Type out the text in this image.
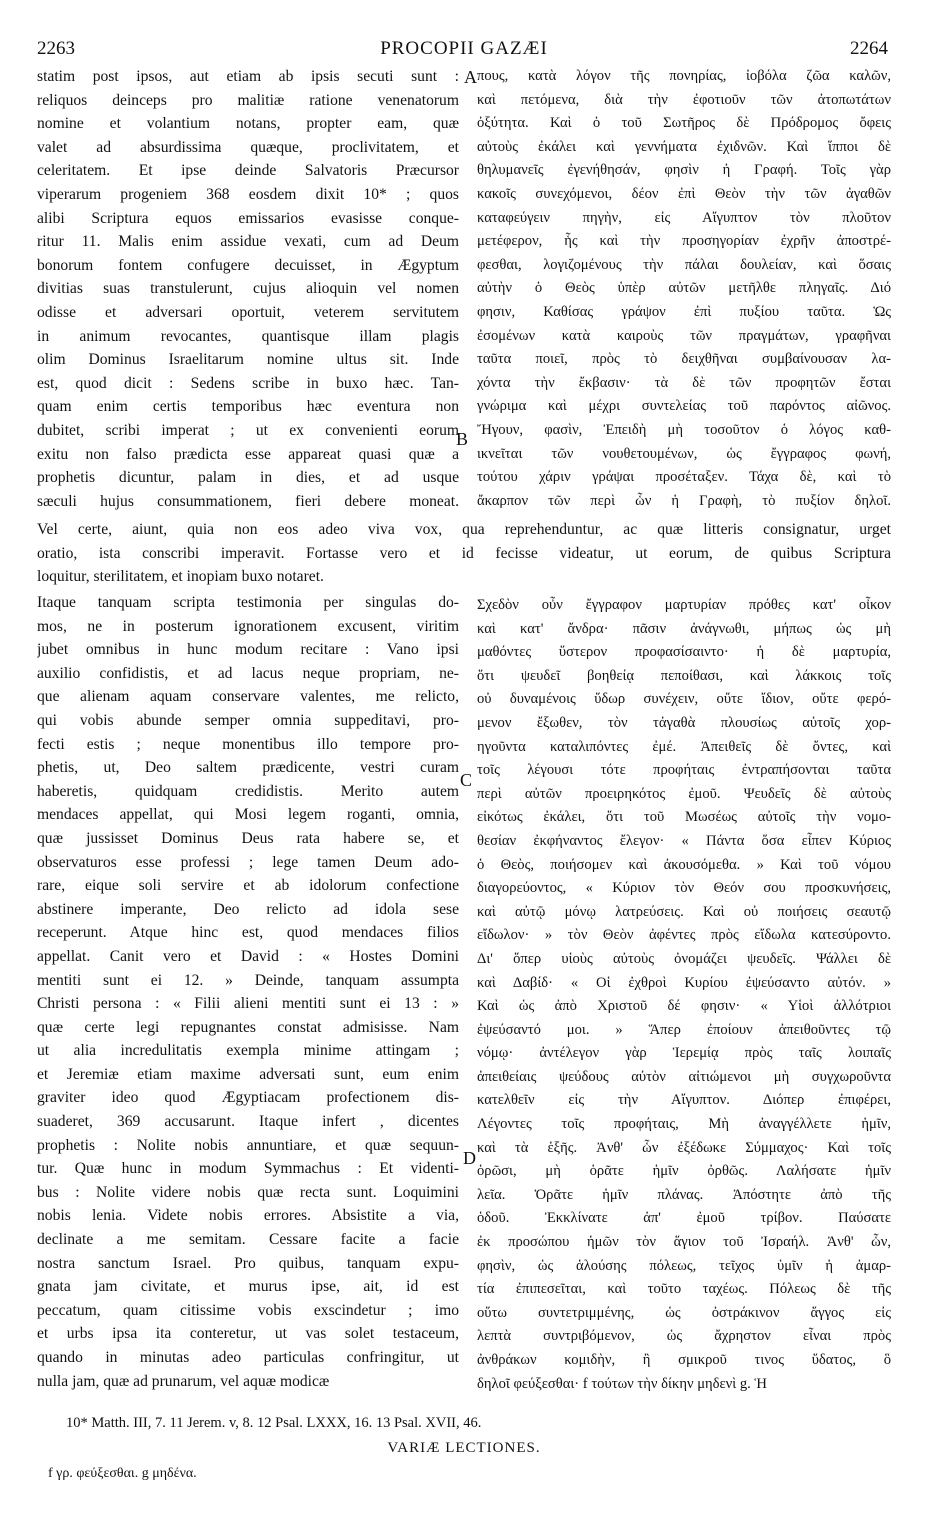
2263	PROCOPII GAZÆI	2264
A
B
C
D
statim post ipsos, aut etiam ab ipsis secuti sunt :
reliquos deinceps pro malitiæ ratione venenatorum
nomine et volantium notans, propter eam, quæ
valet ad absurdissima quæque, proclivitatem, et
celeritatem. Et ipse deinde Salvatoris Præcursor
viperarum progeniem 368 eosdem dixit 10* ; quos
alibi Scriptura equos emissarios evasisse conque-
ritur 11. Malis enim assidue vexati, cum ad Deum
bonorum fontem confugere decuisset, in Ægyptum
divitias suas transtulerunt, cujus alioquin vel nomen
odisse et adversari oportuit, veterem servitutem
in animum revocantes, quantisque illam plagis
olim Dominus Israelitarum nomine ultus sit. Inde
est, quod dicit : Sedens scribe in buxo hæc. Tan-
quam enim certis temporibus hæc eventura non
dubitet, scribi imperat ; ut ex convenienti eorum
exitu non falso prædicta esse appareat quasi quæ a
prophetis dicuntur, palam in dies, et ad usque
sæculi hujus consummationem, fieri debere moneat.
πους, κατὰ λόγον τῆς πονηρίας, ἰοβόλα ζῶα καλῶν,
καὶ πετόμενα, διὰ τὴν ἐφοτιοῦν τῶν ἀτοπωτάτων
ὀξύτητα. Καὶ ὁ τοῦ Σωτῆρος δὲ Πρόδρομος ὄφεις
αὐτοὺς ἐκάλει καὶ γεννήματα ἐχιδνῶν. Καὶ ἵπποι δὲ
θηλυμανεῖς ἐγενήθησάν, φησὶν ἡ Γραφή. Τοῖς γὰρ
κακοῖς συνεχόμενοι, δέον ἐπὶ Θεὸν τὴν τῶν ἀγαθῶν
καταφεύγειν πηγὴν, εἰς Αἴγυπτον τὸν πλοῦτον
μετέφερον, ἧς καὶ τὴν προσηγορίαν ἐχρῆν ἀποστρέ-
φεσθαι, λογιζομένους τὴν πάλαι δουλείαν, καὶ ὅσαις
αὐτὴν ὁ Θεὸς ὑπὲρ αὐτῶν μετῆλθε πληγαῖς. Διό
φησιν, Καθίσας γράψον ἐπὶ πυξίου ταῦτα. Ὡς
ἐσομένων κατὰ καιροὺς τῶν πραγμάτων, γραφῆναι
ταῦτα ποιεῖ, πρὸς τὸ δειχθῆναι συμβαίνουσαν λα-
χόντα τὴν ἔκβασιν· τὰ δὲ τῶν προφητῶν ἔσται
γνώριμα καὶ μέχρι συντελείας τοῦ παρόντος αἰῶνος.
Ἤγουν, φασὶν, Ἐπειδὴ μὴ τοσοῦτον ὁ λόγος καθ-
ικνεῖται τῶν νουθετουμένων, ὡς ἔγγραφος φωνή,
τούτου χάριν γράψαι προσέταξεν. Τάχα δὲ, καὶ τὸ
ἄκαρπον τῶν περὶ ὧν ἡ Γραφὴ, τὸ πυξίον δηλοῖ.
Vel certe, aiunt, quia non eos adeo viva vox, qua reprehenduntur, ac quæ litteris consignatur, urget
oratio, ista conscribi imperavit. Fortasse vero et id fecisse videatur, ut eorum, de quibus Scriptura
loquitur, sterilitatem, et inopiam buxo notaret.
Itaque tanquam scripta testimonia per singulas do-
mos, ne in posterum ignorationem excusent, viritim
jubet omnibus in hunc modum recitare : Vano ipsi
auxilio confidistis, et ad lacus neque propriam, ne-
que alienam aquam conservare valentes, me relicto,
qui vobis abunde semper omnia suppeditavi, pro-
fecti estis ; neque monentibus illo tempore pro-
phetis, ut, Deo saltem prædicente, vestri curam
haberetis, quidquam credidistis. Merito autem
mendaces appellat, qui Mosi legem roganti, omnia,
quæ jussisset Dominus Deus rata habere se, et
observaturos esse professi ; lege tamen Deum ado-
rare, eique soli servire et ab idolorum confectione
abstinere imperante, Deo relicto ad idola sese
receperunt. Atque hinc est, quod mendaces filios
appellat. Canit vero et David : « Hostes Domini
mentiti sunt ei 12. » Deinde, tanquam assumpta
Christi persona : « Filii alieni mentiti sunt ei 13 : »
quæ certe legi repugnantes constat admisisse. Nam
ut alia incredulitatis exempla minime attingam ;
et Jeremiæ etiam maxime adversati sunt, eum enim
graviter ideo quod Ægyptiacam profectionem dis-
suaderet, 369 accusarunt. Itaque infert , dicentes
prophetis : Nolite nobis annuntiare, et quæ sequun-
tur. Quæ hunc in modum Symmachus : Et videnti-
bus : Nolite videre nobis quæ recta sunt. Loquimini
nobis lenia. Videte nobis errores. Absistite a via,
declinate a me semitam. Cessare facite a facie
nostra sanctum Israel. Pro quibus, tanquam expu-
gnata jam civitate, et murus ipse, ait, id est
peccatum, quam citissime vobis exscindetur ; imo
et urbs ipsa ita conteretur, ut vas solet testaceum,
quando in minutas adeo particulas confringitur, ut
nulla jam, quæ ad prunarum, vel aquæ modicæ
Σχεδὸν οὖν ἔγγραφον μαρτυρίαν πρόθες κατ' οἶκον
καὶ κατ' ἄνδρα· πᾶσιν ἀνάγνωθι, μήπως ὡς μὴ
μαθόντες ὕστερον προφασίσαιντο· ἡ δὲ μαρτυρία,
ὅτι ψευδεῖ βοηθείᾳ πεποίθασι, καὶ λάκκοις τοῖς
οὐ δυναμένοις ὕδωρ συνέχειν, οὔτε ἴδιον, οὔτε φερό-
μενον ἔξωθεν, τὸν τἀγαθὰ πλουσίως αὐτοῖς χορ-
ηγοῦντα καταλιπόντες ἐμέ. Ἀπειθεῖς δὲ ὄντες, καὶ
τοῖς λέγουσι τότε προφήταις ἐντραπήσονται ταῦτα
περὶ αὐτῶν προειρηκότος ἐμοῦ. Ψευδεῖς δὲ αὐτοὺς
εἰκότως ἐκάλει, ὅτι τοῦ Μωσέως αὐτοῖς τὴν νομο-
θεσίαν ἐκφήναντος ἔλεγον· « Πάντα ὅσα εἶπεν Κύριος
ὁ Θεὸς, ποιήσομεν καὶ ἀκουσόμεθα. » Καὶ τοῦ νόμου
διαγορεύοντος, « Κύριον τὸν Θεόν σου προσκυνήσεις,
καὶ αὐτῷ μόνῳ λατρεύσεις. Καὶ οὐ ποιήσεις σεαυτῷ
εἴδωλον· » τὸν Θεὸν ἀφέντες πρὸς εἴδωλα κατεσύροντο.
Δι' ὅπερ υἱοὺς αὐτοὺς ὀνομάζει ψευδεῖς. Ψάλλει δὲ
καὶ Δαβίδ· « Οἱ ἐχθροὶ Κυρίου ἐψεύσαντο αὐτόν. »
Καὶ ὡς ἀπὸ Χριστοῦ δέ φησιν· « Υἱοὶ ἀλλότριοι
ἐψεύσαντό μοι. » Ἅπερ ἐποίουν ἀπειθοῦντες τῷ
νόμῳ· ἀντέλεγον γὰρ Ἱερεμίᾳ πρὸς ταῖς λοιπαῖς
ἀπειθείαις ψεύδους αὐτὸν αἰτιώμενοι μὴ συγχωροῦντα
κατελθεῖν εἰς τὴν Αἴγυπτον. Διόπερ ἐπιφέρει,
Λέγοντες τοῖς προφήταις, Μὴ ἀναγγέλλετε ἡμῖν,
καὶ τὰ ἑξῆς. Ἀνθ' ὧν ἐξέδωκε Σύμμαχος· Καὶ τοῖς
ὁρῶσι, μὴ ὁρᾶτε ἡμῖν ὀρθῶς. Λαλήσατε ἡμῖν
λεῖα. Ὁρᾶτε ἡμῖν πλάνας. Ἀπόστητε ἀπὸ τῆς
ὁδοῦ. Ἐκκλίνατε ἀπ' ἐμοῦ τρίβον. Παύσατε
ἐκ προσώπου ἡμῶν τὸν ἅγιον τοῦ Ἰσραήλ. Ἀνθ' ὧν,
φησὶν, ὡς ἁλούσης πόλεως, τεῖχος ὑμῖν ἡ ἁμαρ-
τία ἐπιπεσεῖται, καὶ τοῦτο ταχέως. Πόλεως δὲ τῆς
οὕτω συντετριμμένης, ὡς ὀστράκινον ἄγγος εἰς
λεπτὰ συντριβόμενον, ὡς ἄχρηστον εἶναι πρὸς
ἀνθράκων κομιδὴν, ἢ σμικροῦ τινος ὕδατος, ὃ
δηλοῖ φεύξεσθαι· f τούτων τὴν δίκην μηδενὶ g. Ἡ
10* Matth. III, 7. 11 Jerem. v, 8. 12 Psal. LXXX, 16. 13 Psal. XVII, 46.
VARIÆ LECTIONES.
f γρ. φεύξεσθαι. g μηδένα.
